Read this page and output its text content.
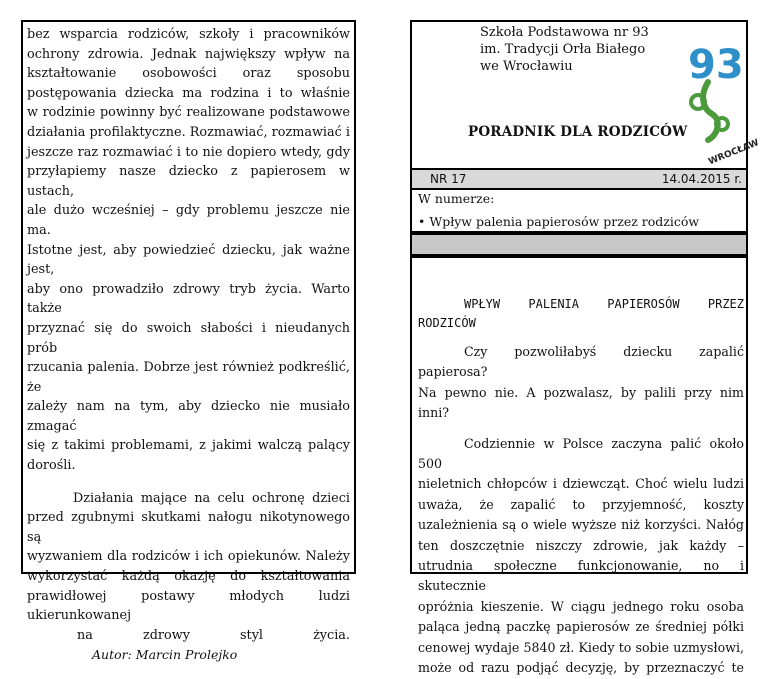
bez wsparcia rodziców, szkoły i pracowników
ochrony zdrowia. Jednak największy wpływ na
kształtowanie osobowości oraz sposobu
postępowania dziecka ma rodzina i to właśnie
w rodzinie powinny być realizowane podstawowe
działania profilaktyczne. Rozmawiać, rozmawiać i
jeszcze raz rozmawiać i to nie dopiero wtedy, gdy
przyłapiemy nasze dziecko z papierosem w ustach,
ale dużo wcześniej – gdy problemu jeszcze nie ma.
Istotne jest, aby powiedzieć dziecku, jak ważne jest,
aby ono prowadziło zdrowy tryb życia. Warto także
przyznać się do swoich słabości i nieudanych prób
rzucania palenia. Dobrze jest również podkreślić, że
zależy nam na tym, aby dziecko nie musiało zmagać
się z takimi problemami, z jakimi walczą palący
dorośli.

Działania mające na celu ochronę dzieci
przed zgubnymi skutkami nałogu nikotynowego są
wyzwaniem dla rodziców i ich opiekunów. Należy
wykorzystać każdą okazję do kształtowania
prawidłowej postawy młodych ludzi ukierunkowanej
na zdrowy styl życia.

Autor: Marcin Prolejko

Szkoła Podstawowa nr 93
im. Tradycji Orła Białego
we Wrocławiu
PORADNIK DLA RODZICÓW
93
WROCŁAW
NR 17	14.04.2015 r.
W numerze:
• Wpływ palenia papierosów przez rodziców
WPŁYW PALENIA PAPIEROSÓW PRZEZ
RODZICÓW

Czy pozwoliłabyś dziecku zapalić papierosa?
Na pewno nie. A pozwalasz, by palili przy nim inni?

Codziennie w Polsce zaczyna palić około 500
nieletnich chłopców i dziewcząt. Choć wielu ludzi
uważa, że zapalić to przyjemność, koszty
uzależnienia są o wiele wyższe niż korzyści. Nałóg
ten doszczętnie niszczy zdrowie, jak każdy –
utrudnia społeczne funkcjonowanie, no i skutecznie
opróżnia kieszenie. W ciągu jednego roku osoba
paląca jedną paczkę papierosów ze średniej półki
cenowej wydaje 5840 zł. Kiedy to sobie uzmysłowi,
może od razu podjąć decyzję, by przeznaczyć te
